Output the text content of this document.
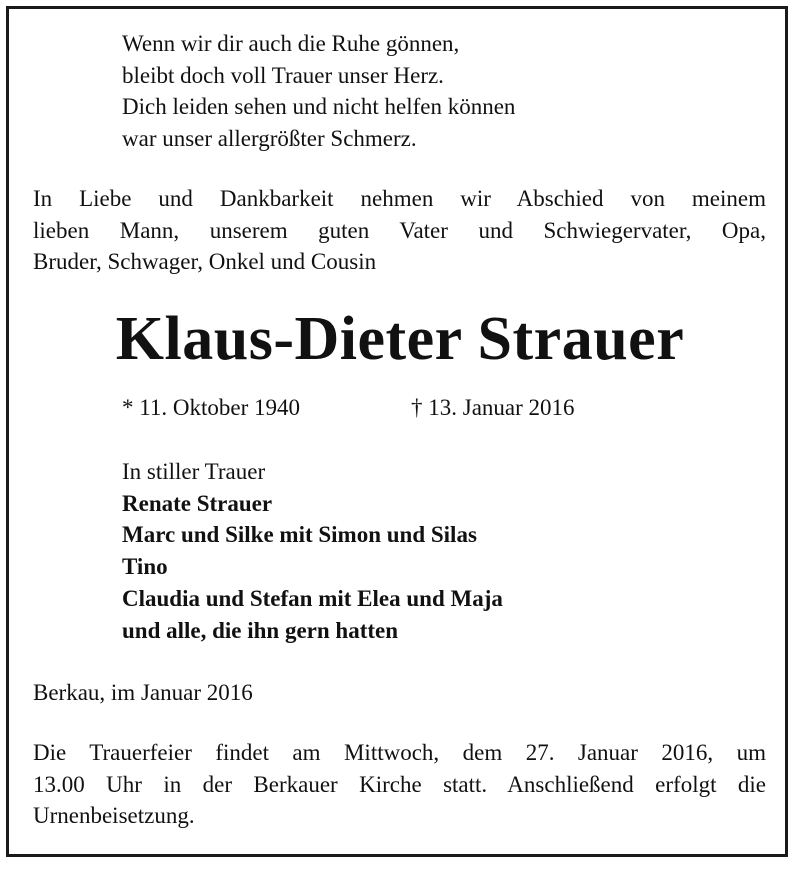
Wenn wir dir auch die Ruhe gönnen,
bleibt doch voll Trauer unser Herz.
Dich leiden sehen und nicht helfen können
war unser allergrößter Schmerz.
In Liebe und Dankbarkeit nehmen wir Abschied von meinem
lieben Mann, unserem guten Vater und Schwiegervater, Opa,
Bruder, Schwager, Onkel und Cousin
Klaus-Dieter Strauer
* 11. Oktober 1940	† 13. Januar 2016
In stiller Trauer
Renate Strauer
Marc und Silke mit Simon und Silas
Tino
Claudia und Stefan mit Elea und Maja
und alle, die ihn gern hatten
Berkau, im Januar 2016
Die Trauerfeier findet am Mittwoch, dem 27. Januar 2016, um
13.00 Uhr in der Berkauer Kirche statt. Anschließend erfolgt die
Urnenbeisetzung.
